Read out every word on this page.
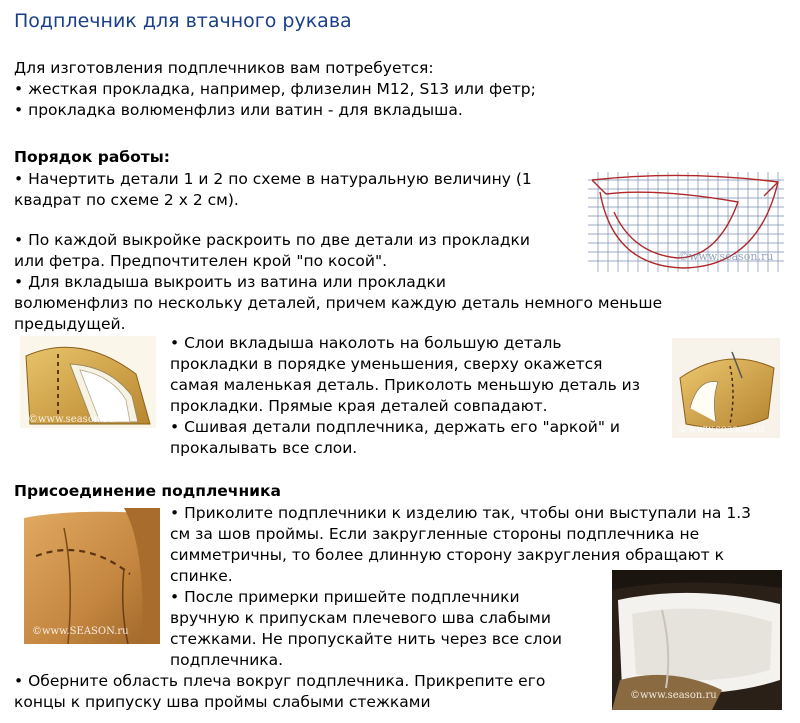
Подплечник для втачного рукава
Для изготовления подплечников вам потребуется:
• жесткая прокладка, например, флизелин М12, S13 или фетр;
• прокладка волюменфлиз или ватин - для вкладыша.
Порядок работы:
• Начертить детали 1 и 2 по схеме в натуральную величину (1
квадрат по схеме 2 х 2 см).
• По каждой выкройке раскроить по две детали из прокладки
или фетра. Предпочтителен крой "по косой".
• Для вкладыша выкроить из ватина или прокладки
волюменфлиз по нескольку деталей, причем каждую деталь немного меньше
предыдущей.
• Слои вкладыша наколоть на большую деталь
прокладки в порядке уменьшения, сверху окажется
самая маленькая деталь. Приколоть меньшую деталь из
прокладки. Прямые края деталей совпадают.
• Сшивая детали подплечника, держать его "аркой" и
прокалывать все слои.
Присоединение подплечника
• Приколите подплечники к изделию так, чтобы они выступали на 1.3
см за шов проймы. Если закругленные стороны подплечника не
симметричны, то более длинную сторону закругления обращают к
спинке.
• После примерки пришейте подплечники
вручную к припускам плечевого шва слабыми
стежками. Не пропускайте нить через все слои
подплечника.
• Оберните область плеча вокруг подплечника. Прикрепите его
концы к припуску шва проймы слабыми стежками
©www.season.ru
©www.season.ru
©www.season.ru
©www.SEASON.ru
©www.season.ru
